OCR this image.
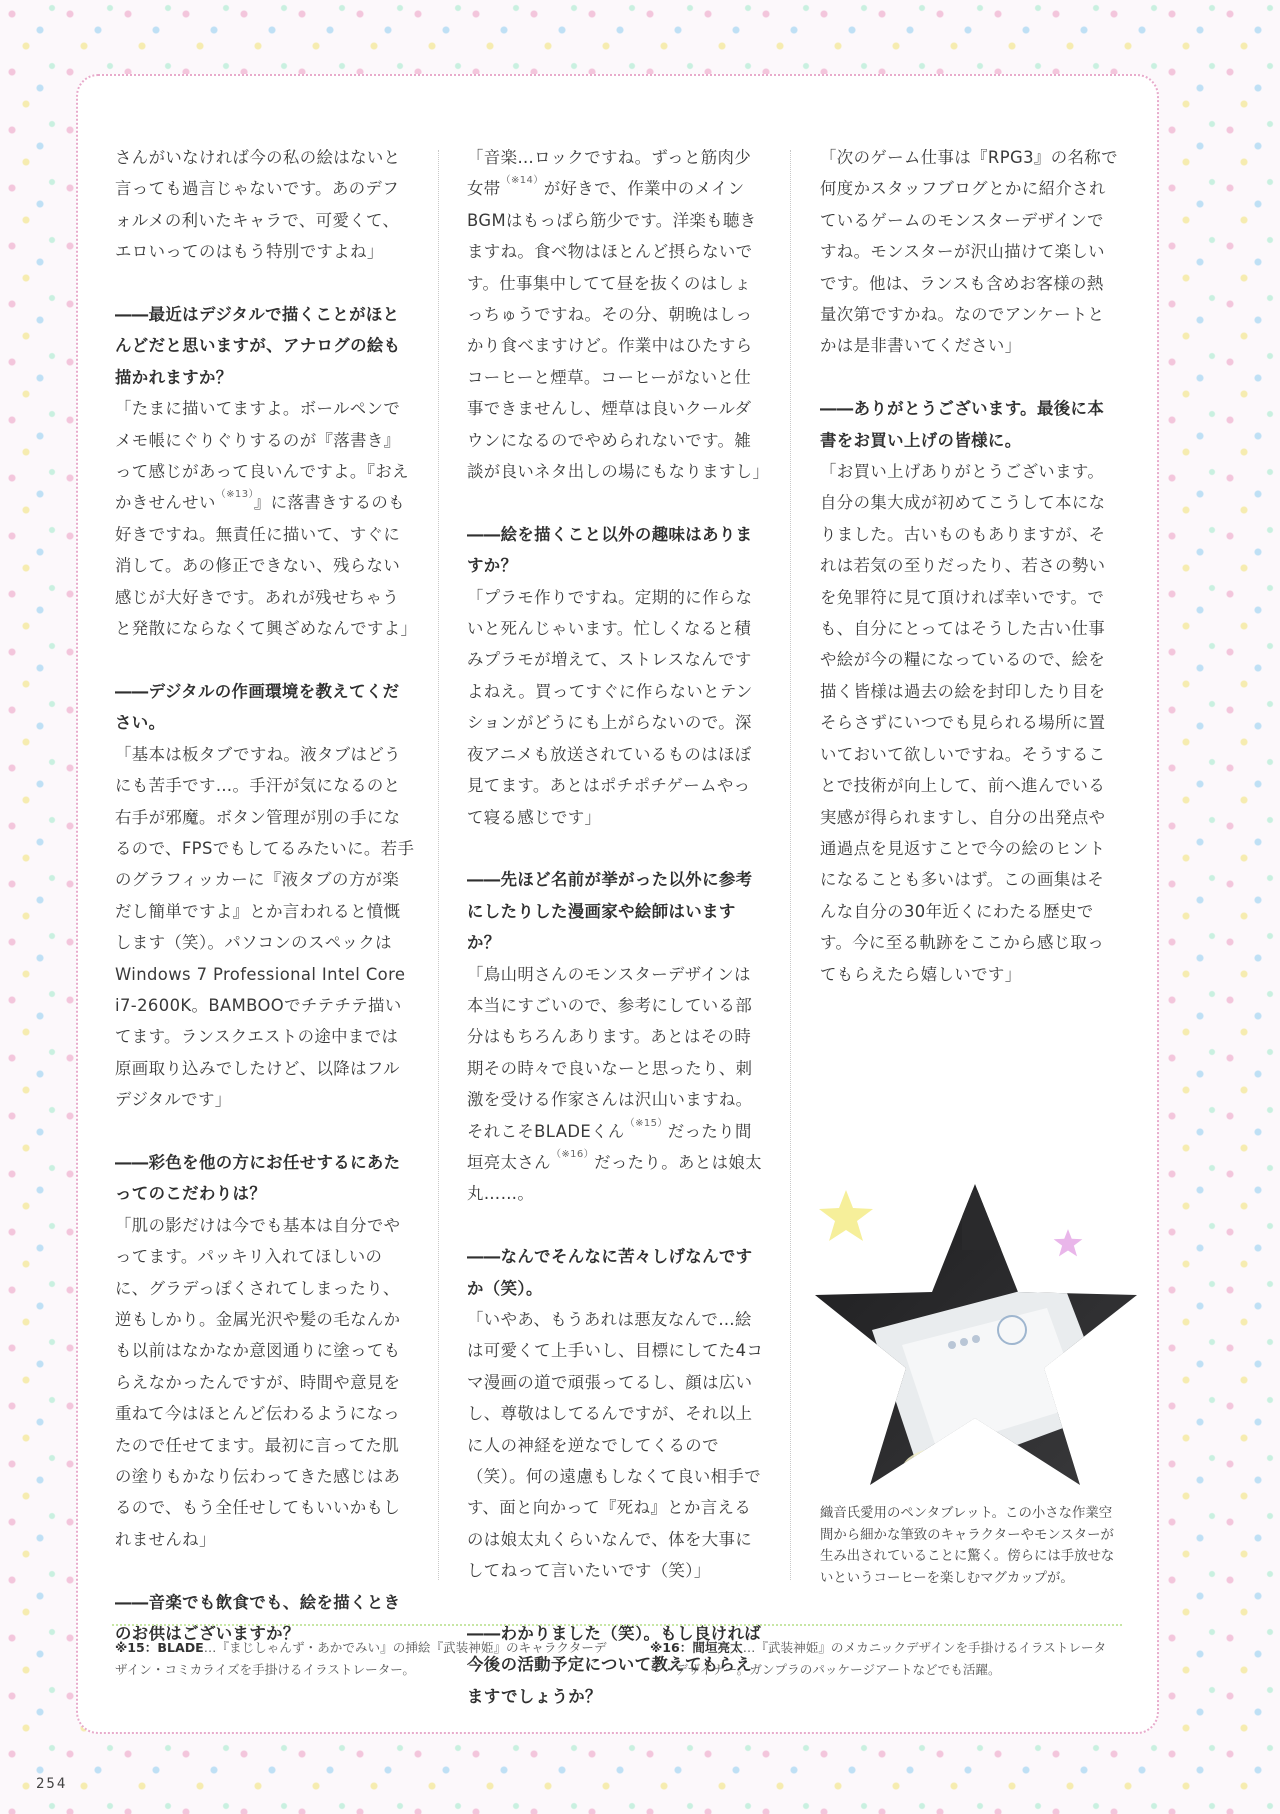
さんがいなければ今の私の絵はないと言っても過言じゃないです。あのデフォルメの利いたキャラで、可愛くて、エロいってのはもう特別ですよね」

――最近はデジタルで描くことがほとんどだと思いますが、アナログの絵も描かれますか？

「たまに描いてますよ。ボールペンでメモ帳にぐりぐりするのが『落書き』って感じがあって良いんですよ。『おえかきせんせい$^{(※13)}$』に落書きするのも好きですね。無責任に描いて、すぐに消して。あの修正できない、残らない感じが大好きです。あれが残せちゃうと発散にならなくて興ざめなんですよ」

――デジタルの作画環境を教えてください。

「基本は板タブですね。液タブはどうにも苦手です…。手汗が気になるのと右手が邪魔。ボタン管理が別の手になるので、FPSでもしてるみたいに。若手のグラフィッカーに『液タブの方が楽だし簡単ですよ』とか言われると憤慨します（笑）。パソコンのスペックはWindows 7 Professional Intel Core i7-2600K。BAMBOOでチテチテ描いてます。ランスクエストの途中までは原画取り込みでしたけど、以降はフルデジタルです」

――彩色を他の方にお任せするにあたってのこだわりは？

「肌の影だけは今でも基本は自分でやってます。パッキリ入れてほしいのに、グラデっぽくされてしまったり、逆もしかり。金属光沢や髪の毛なんかも以前はなかなか意図通りに塗ってもらえなかったんですが、時間や意見を重ねて今はほとんど伝わるようになったので任せてます。最初に言ってた肌の塗りもかなり伝わってきた感じはあるので、もう全任せしてもいいかもしれませんね」

――音楽でも飲食でも、絵を描くときのお供はございますか？

「音楽…ロックですね。ずっと筋肉少女帯$^{(※14)}$が好きで、作業中のメインBGMはもっぱら筋少です。洋楽も聴きますね。食べ物はほとんど摂らないです。仕事集中してて昼を抜くのはしょっちゅうですね。その分、朝晩はしっかり食べますけど。作業中はひたすらコーヒーと煙草。コーヒーがないと仕事できませんし、煙草は良いクールダウンになるのでやめられないです。雑談が良いネタ出しの場にもなりますし」

――絵を描くこと以外の趣味はありますか？

「プラモ作りですね。定期的に作らないと死んじゃいます。忙しくなると積みプラモが増えて、ストレスなんですよねえ。買ってすぐに作らないとテンションがどうにも上がらないので。深夜アニメも放送されているものはほぼ見てます。あとはポチポチゲームやって寝る感じです」

――先ほど名前が挙がった以外に参考にしたりした漫画家や絵師はいますか？

「鳥山明さんのモンスターデザインは本当にすごいので、参考にしている部分はもちろんあります。あとはその時期その時々で良いなーと思ったり、刺激を受ける作家さんは沢山いますね。それこそBLADEくん$^{(※15)}$だったり間垣亮太さん$^{(※16)}$だったり。あとは娘太丸……。

――なんでそんなに苦々しげなんですか（笑）。

「いやあ、もうあれは悪友なんで…絵は可愛くて上手いし、目標にしてた4コマ漫画の道で頑張ってるし、顔は広いし、尊敬はしてるんですが、それ以上に人の神経を逆なでしてくるので（笑）。何の遠慮もしなくて良い相手です、面と向かって『死ね』とか言えるのは娘太丸くらいなんで、体を大事にしてねって言いたいです（笑）」

――わかりました（笑）。もし良ければ今後の活動予定について教えてもらえますでしょうか？

「次のゲーム仕事は『RPG3』の名称で何度かスタッフブログとかに紹介されているゲームのモンスターデザインですね。モンスターが沢山描けて楽しいです。他は、ランスも含めお客様の熱量次第ですかね。なのでアンケートとかは是非書いてください」

――ありがとうございます。最後に本書をお買い上げの皆様に。

「お買い上げありがとうございます。自分の集大成が初めてこうして本になりました。古いものもありますが、それは若気の至りだったり、若さの勢いを免罪符に見て頂ければ幸いです。でも、自分にとってはそうした古い仕事や絵が今の糧になっているので、絵を描く皆様は過去の絵を封印したり目をそらさずにいつでも見られる場所に置いておいて欲しいですね。そうすることで技術が向上して、前へ進んでいる実感が得られますし、自分の出発点や通過点を見返すことで今の絵のヒントになることも多いはず。この画集はそんな自分の30年近くにわたる歴史です。今に至る軌跡をここから感じ取ってもらえたら嬉しいです」

織音氏愛用のペンタブレット。この小さな作業空間から細かな筆致のキャラクターやモンスターが生み出されていることに驚く。傍らには手放せないというコーヒーを楽しむマグカップが。
※15：BLADE…『まじしゃんず・あかでみい』の挿絵『武装神姫』のキャラクターデザイン・コミカライズを手掛けるイラストレーター。
※16：間垣亮太…『武装神姫』のメカニックデザインを手掛けるイラストレーター・デザイナー。ガンプラのパッケージアートなどでも活躍。
254
